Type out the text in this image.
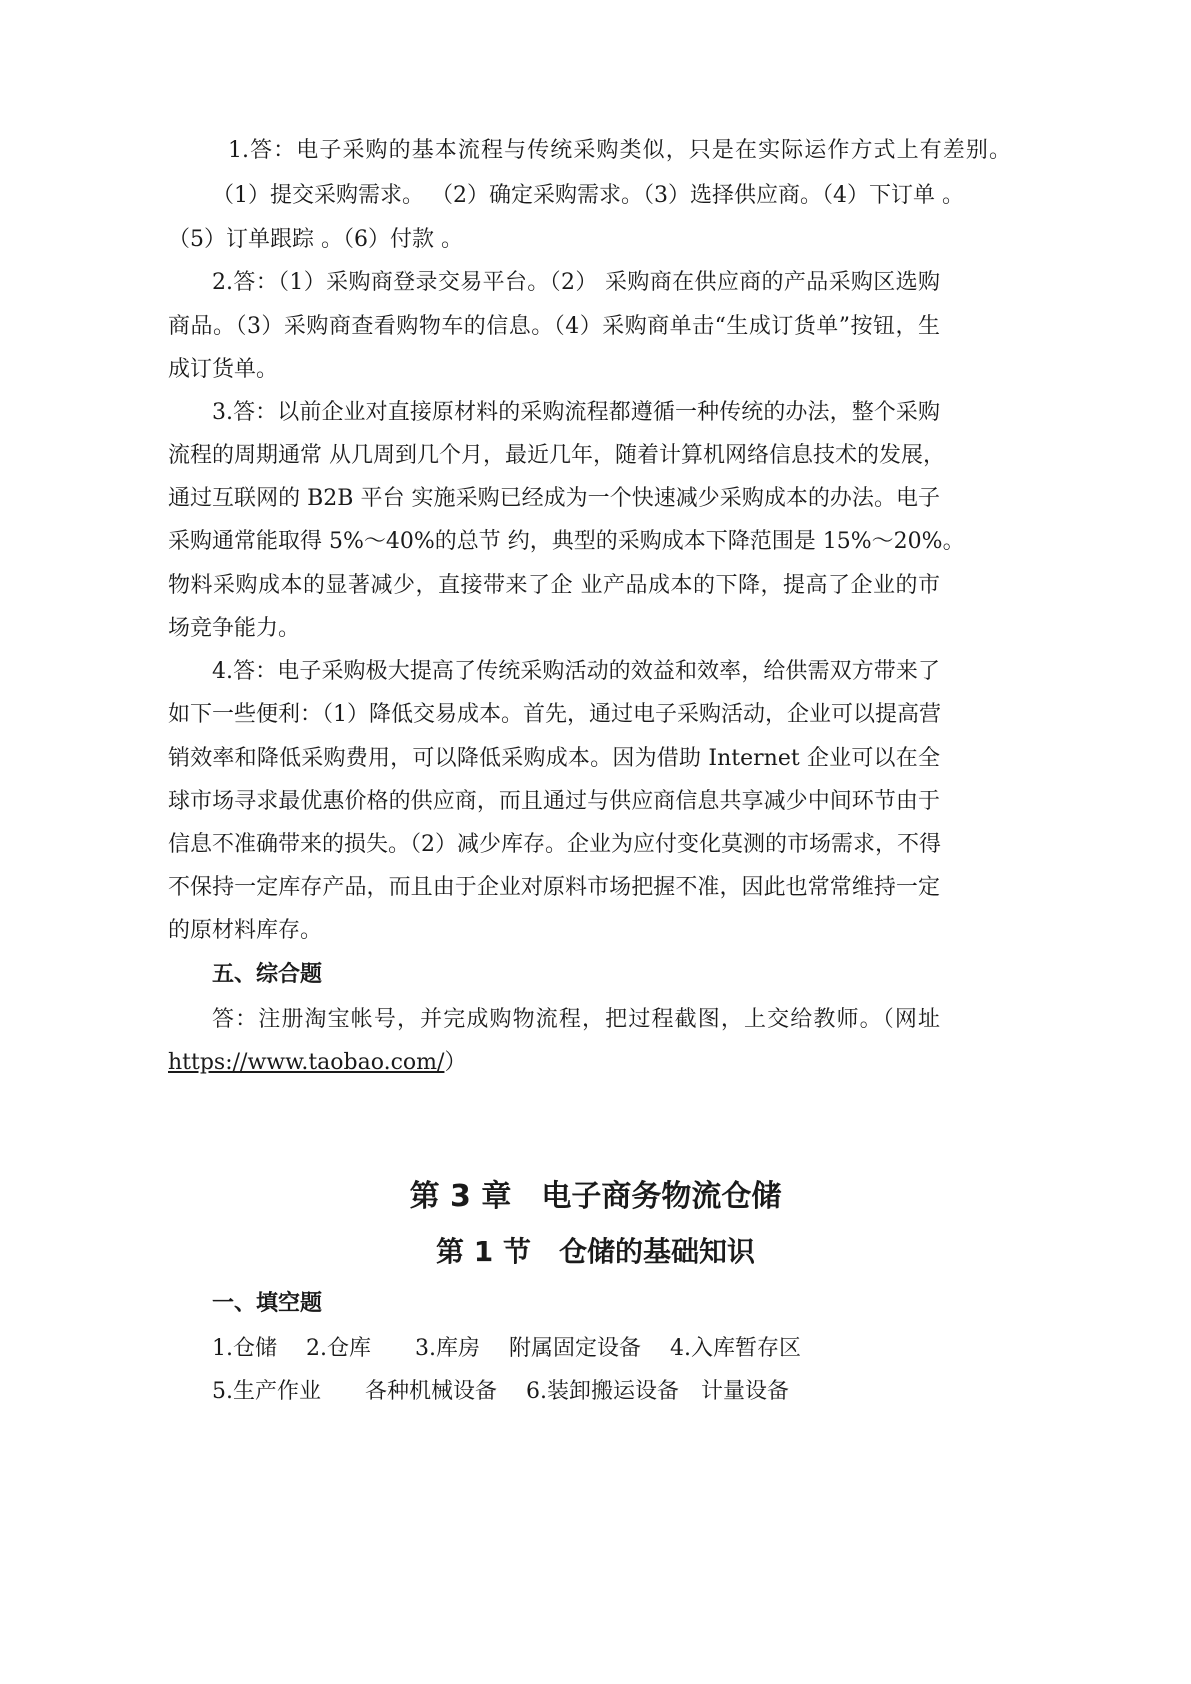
1.答：电子采购的基本流程与传统采购类似，只是在实际运作方式上有差别。
（1）提交采购需求。 （2）确定采购需求。（3）选择供应商。（4）下订单 。
（5）订单跟踪 。（6）付款 。
2.答：（1）采购商登录交易平台。（2） 采购商在供应商的产品采购区选购
商品。（3）采购商查看购物车的信息。（4）采购商单击“生成订货单”按钮，生
成订货单。
3.答：以前企业对直接原材料的采购流程都遵循一种传统的办法，整个采购
流程的周期通常 从几周到几个月，最近几年，随着计算机网络信息技术的发展，
通过互联网的 B2B 平台 实施采购已经成为一个快速减少采购成本的办法。电子
采购通常能取得 5%～40%的总节 约，典型的采购成本下降范围是 15%～20%。
物料采购成本的显著减少，直接带来了企 业产品成本的下降，提高了企业的市
场竞争能力。
4.答：电子采购极大提高了传统采购活动的效益和效率，给供需双方带来了
如下一些便利：（1）降低交易成本。首先，通过电子采购活动，企业可以提高营
销效率和降低采购费用，可以降低采购成本。因为借助 Internet 企业可以在全
球市场寻求最优惠价格的供应商，而且通过与供应商信息共享减少中间环节由于
信息不准确带来的损失。（2）减少库存。企业为应付变化莫测的市场需求，不得
不保持一定库存产品，而且由于企业对原料市场把握不准，因此也常常维持一定
的原材料库存。
五、综合题
答：注册淘宝帐号，并完成购物流程，把过程截图，上交给教师。（网址
https://www.taobao.com/）
第 3 章　电子商务物流仓储
第 1 节　仓储的基础知识
一、填空题
1.仓储　 2.仓库　　3.库房　 附属固定设备　 4.入库暂存区
5.生产作业　　各种机械设备　 6.装卸搬运设备　计量设备
